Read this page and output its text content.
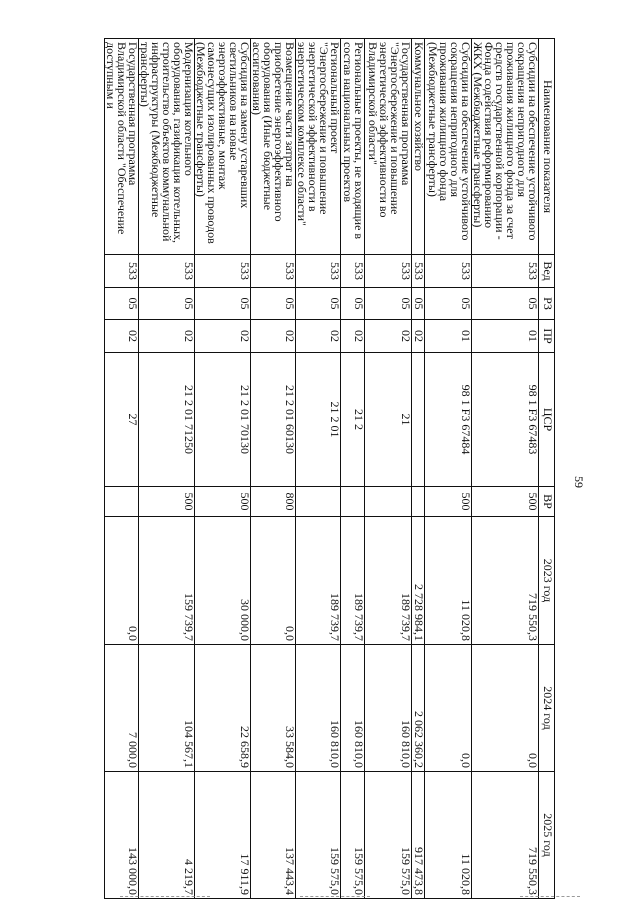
59
Наименование показателя	Вед	РЗ	ПР	ЦСР	ВР	2023 год	2024 год	2025 год
Субсидии на обеспечение устойчивого сокращения непригодного для проживания жилищного фонда за счет средств государственной корпорации - Фонда содействия реформированию ЖКХ (Межбюджетные трансферты)	533	05	01	98 1 F3 67483	500	719 550,3	0,0	719 550,3
Субсидии на обеспечение устойчивого сокращения непригодного для проживания жилищного фонда (Межбюджетные трансферты)	533	05	01	98 1 F3 67484	500	11 020,8	0,0	11 020,8
Коммунальное хозяйство	533	05	02			2 728 984,1	2 062 360,2	917 473,8
Государственная программа "Энергосбережение и повышение энергетической эффективности во Владимирской области"	533	05	02	21		189 739,7	160 810,0	159 575,0
Региональные проекты, не входящие в состав национальных проектов	533	05	02	21 2		189 739,7	160 810,0	159 575,0
Региональный проект "Энергосбережение и повышение энергетической эффективности в энергетическом комплексе области"	533	05	02	21 2 01		189 739,7	160 810,0	159 575,0
Возмещение части затрат на приобретение энергоэффективного оборудования (Иные бюджетные ассигнования)	533	05	02	21 2 01 60130	800	0,0	33 584,0	137 443,4
Субсидия на замену устаревших светильников на новые энергоэффективные, монтаж самонесущих изолированных проводов (Межбюджетные трансферты)	533	05	02	21 2 01 70130	500	30 000,0	22 658,9	17 911,9
Модернизация котельного оборудования, газификация котельных, строительство объектов коммунальной инфраструктуры (Межбюджетные трансферты)	533	05	02	21 2 01 71250	500	159 739,7	104 567,1	4 219,7
Государственная программа Владимирской области "Обеспечение доступным и	533	05	02	27		0,0	7 000,0	143 000,0
